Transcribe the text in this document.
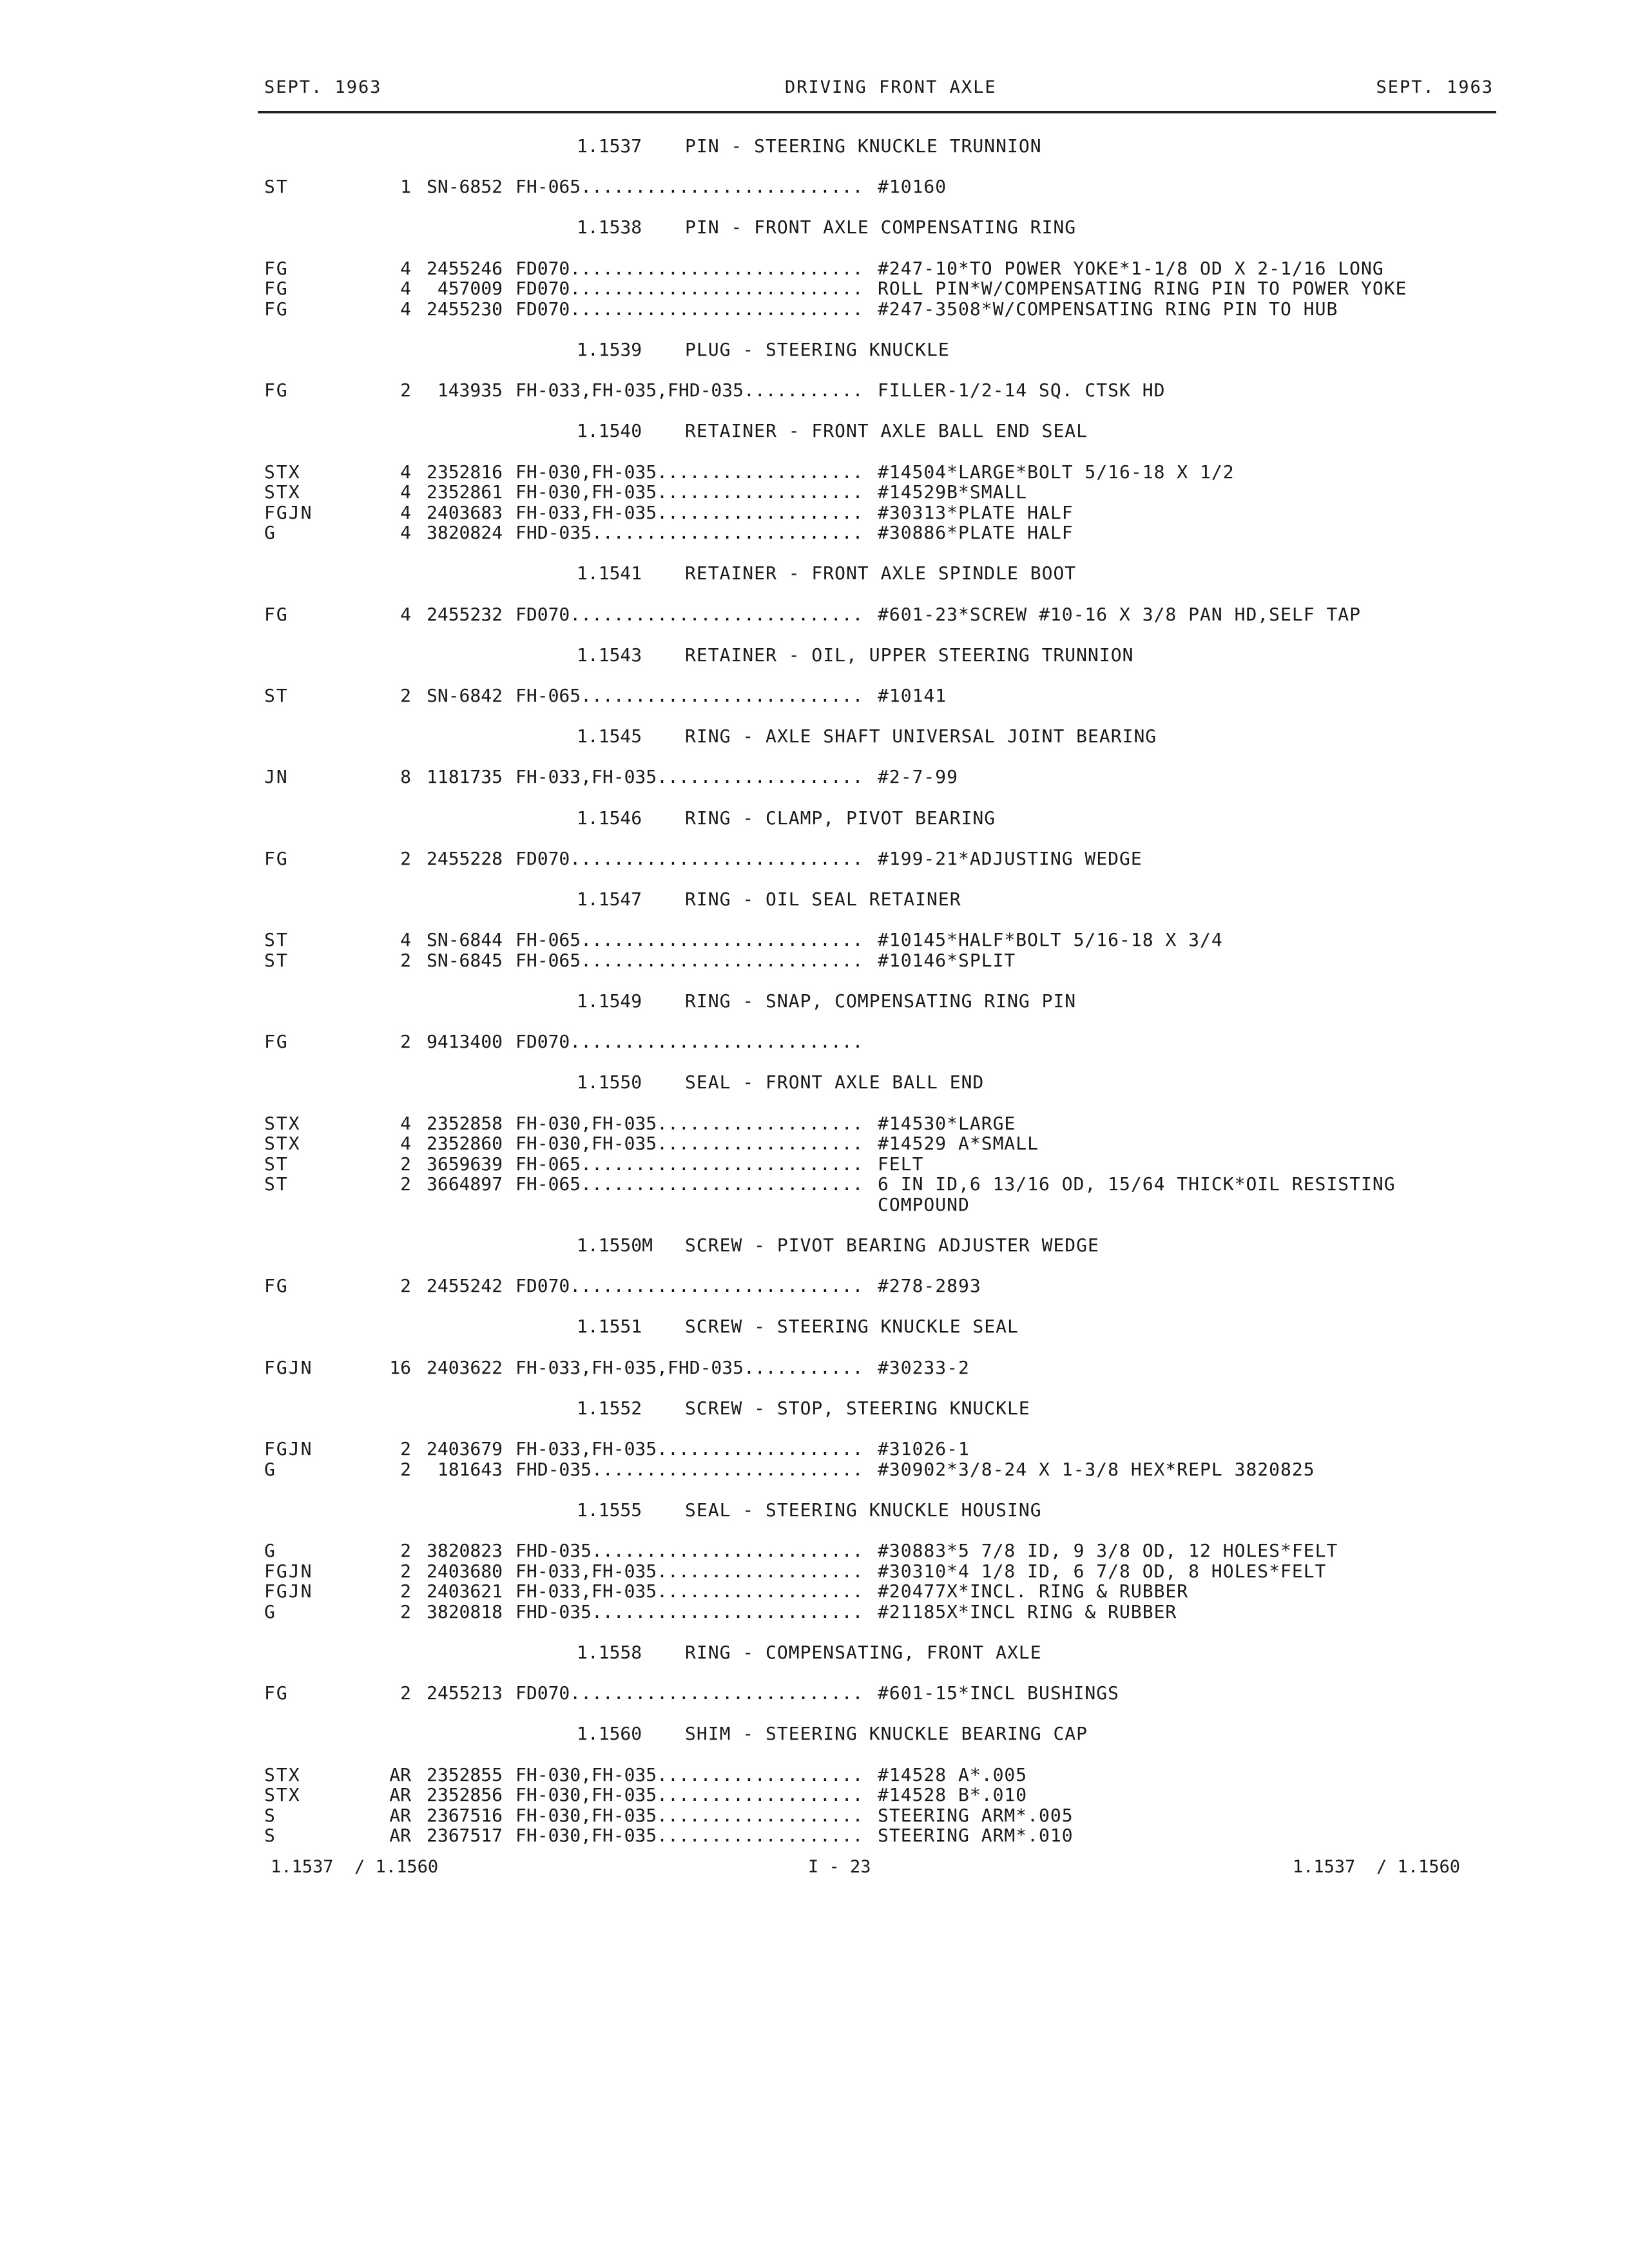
SEPT. 1963	DRIVING FRONT AXLE	SEPT. 1963
1.1537 PIN - STEERING KNUCKLE TRUNNION
ST	1 SN-6852 FH-065.......................... #10160
1.1538 PIN - FRONT AXLE COMPENSATING RING
FG	4 2455246 FD070........................... #247-10*TO POWER YOKE*1-1/8 OD X 2-1/16 LONG
FG	4	457009 FD070........................... ROLL PIN*W/COMPENSATING RING PIN TO POWER YOKE
FG	4 2455230 FD070........................... #247-3508*W/COMPENSATING RING PIN TO HUB
1.1539 PLUG - STEERING KNUCKLE
FG	2	143935 FH-033,FH-035,FHD-035........... FILLER-1/2-14 SQ. CTSK HD
1.1540 RETAINER - FRONT AXLE BALL END SEAL
STX	4 2352816 FH-030,FH-035................... #14504*LARGE*BOLT 5/16-18 X 1/2
STX	4 2352861 FH-030,FH-035................... #14529B*SMALL
FGJN	4 2403683 FH-033,FH-035................... #30313*PLATE HALF
G	4 3820824 FHD-035......................... #30886*PLATE HALF
1.1541 RETAINER - FRONT AXLE SPINDLE BOOT
FG	4 2455232 FD070........................... #601-23*SCREW #10-16 X 3/8 PAN HD,SELF TAP
1.1543 RETAINER - OIL, UPPER STEERING TRUNNION
ST	2 SN-6842 FH-065.......................... #10141
1.1545 RING - AXLE SHAFT UNIVERSAL JOINT BEARING
JN	8 1181735 FH-033,FH-035................... #2-7-99
1.1546 RING - CLAMP, PIVOT BEARING
FG	2 2455228 FD070........................... #199-21*ADJUSTING WEDGE
1.1547 RING - OIL SEAL RETAINER
ST	4 SN-6844 FH-065.......................... #10145*HALF*BOLT 5/16-18 X 3/4
ST	2 SN-6845 FH-065.......................... #10146*SPLIT
1.1549 RING - SNAP, COMPENSATING RING PIN
FG	2 9413400 FD070...........................
1.1550 SEAL - FRONT AXLE BALL END
STX	4 2352858 FH-030,FH-035................... #14530*LARGE
STX	4 2352860 FH-030,FH-035................... #14529 A*SMALL
ST	2 3659639 FH-065.......................... FELT
ST	2 3664897 FH-065.......................... 6 IN ID,6 13/16 OD, 15/64 THICK*OIL RESISTING
COMPOUND
1.1550M SCREW - PIVOT BEARING ADJUSTER WEDGE
FG	2 2455242 FD070........................... #278-2893
1.1551 SCREW - STEERING KNUCKLE SEAL
FGJN	16 2403622 FH-033,FH-035,FHD-035........... #30233-2
1.1552 SCREW - STOP, STEERING KNUCKLE
FGJN	2 2403679 FH-033,FH-035................... #31026-1
G	2	181643 FHD-035......................... #30902*3/8-24 X 1-3/8 HEX*REPL 3820825
1.1555 SEAL - STEERING KNUCKLE HOUSING
G	2 3820823 FHD-035......................... #30883*5 7/8 ID, 9 3/8 OD, 12 HOLES*FELT
FGJN	2 2403680 FH-033,FH-035................... #30310*4 1/8 ID, 6 7/8 OD, 8 HOLES*FELT
FGJN	2 2403621 FH-033,FH-035................... #20477X*INCL. RING & RUBBER
G	2 3820818 FHD-035......................... #21185X*INCL RING & RUBBER
1.1558 RING - COMPENSATING, FRONT AXLE
FG	2 2455213 FD070........................... #601-15*INCL BUSHINGS
1.1560 SHIM - STEERING KNUCKLE BEARING CAP
STX	AR 2352855 FH-030,FH-035................... #14528 A*.005
STX	AR 2352856 FH-030,FH-035................... #14528 B*.010
S	AR 2367516 FH-030,FH-035................... STEERING ARM*.005
S	AR 2367517 FH-030,FH-035................... STEERING ARM*.010
1.1537  / 1.1560	I - 23	1.1537  / 1.1560
